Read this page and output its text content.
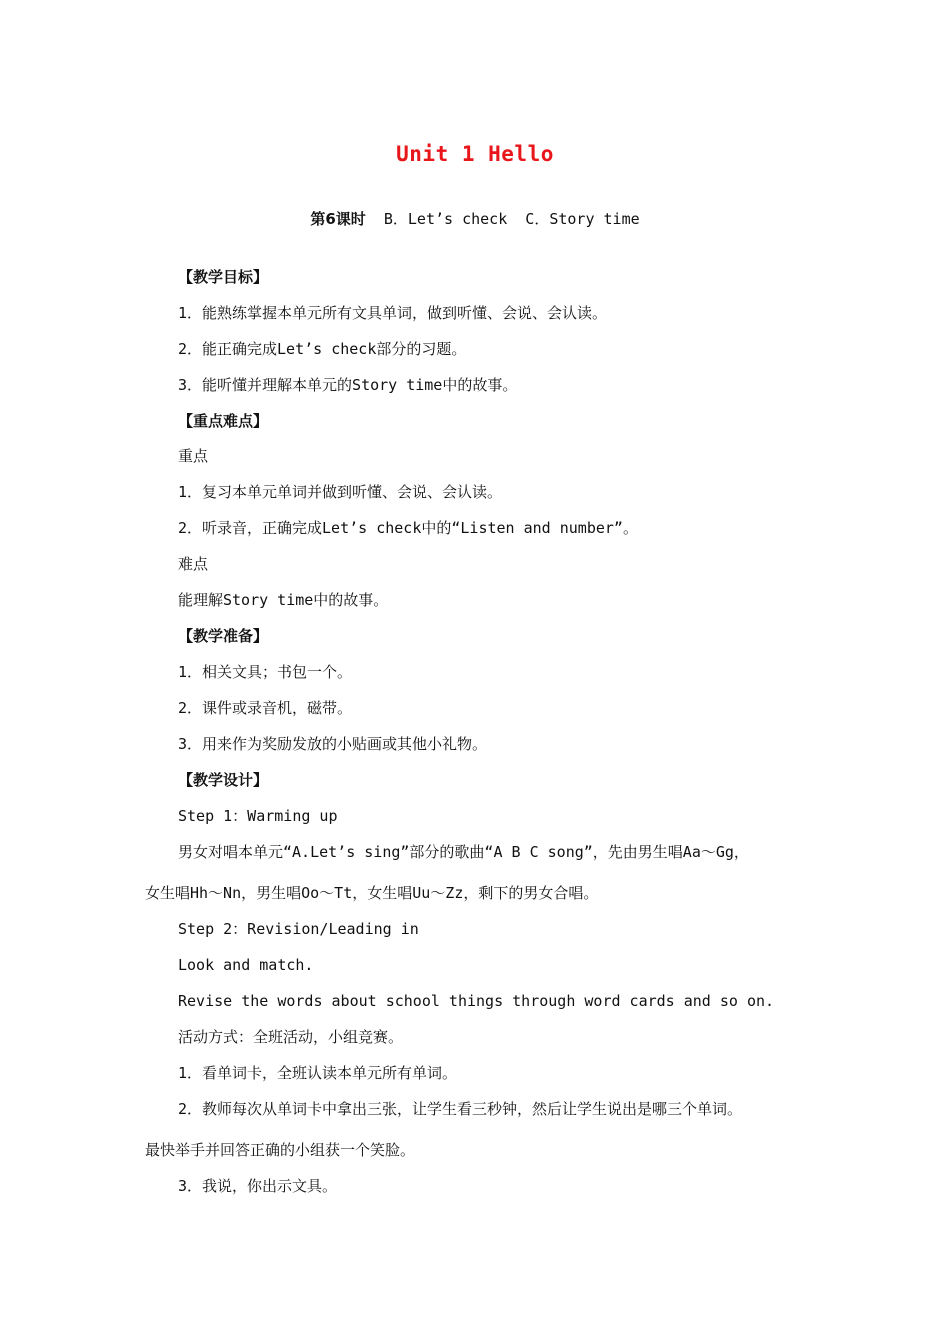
Unit 1 Hello
第6课时  B．Let’s check  C．Story time
【教学目标】
1．能熟练掌握本单元所有文具单词，做到听懂、会说、会认读。
2．能正确完成Let’s check部分的习题。
3．能听懂并理解本单元的Story time中的故事。
【重点难点】
重点
1．复习本单元单词并做到听懂、会说、会认读。
2．听录音，正确完成Let’s check中的“Listen and number”。
难点
能理解Story time中的故事。
【教学准备】
1．相关文具；书包一个。
2．课件或录音机，磁带。
3．用来作为奖励发放的小贴画或其他小礼物。
【教学设计】
Step 1：Warming up
男女对唱本单元“A.Let’s sing”部分的歌曲“A B C song”，先由男生唱Aa～Gg，
女生唱Hh～Nn，男生唱Oo～Tt，女生唱Uu～Zz，剩下的男女合唱。
Step 2：Revision/Leading in
Look and match.
Revise the words about school things through word cards and so on.
活动方式：全班活动，小组竞赛。
1．看单词卡，全班认读本单元所有单词。
2．教师每次从单词卡中拿出三张，让学生看三秒钟，然后让学生说出是哪三个单词。
最快举手并回答正确的小组获一个笑脸。
3．我说，你出示文具。
